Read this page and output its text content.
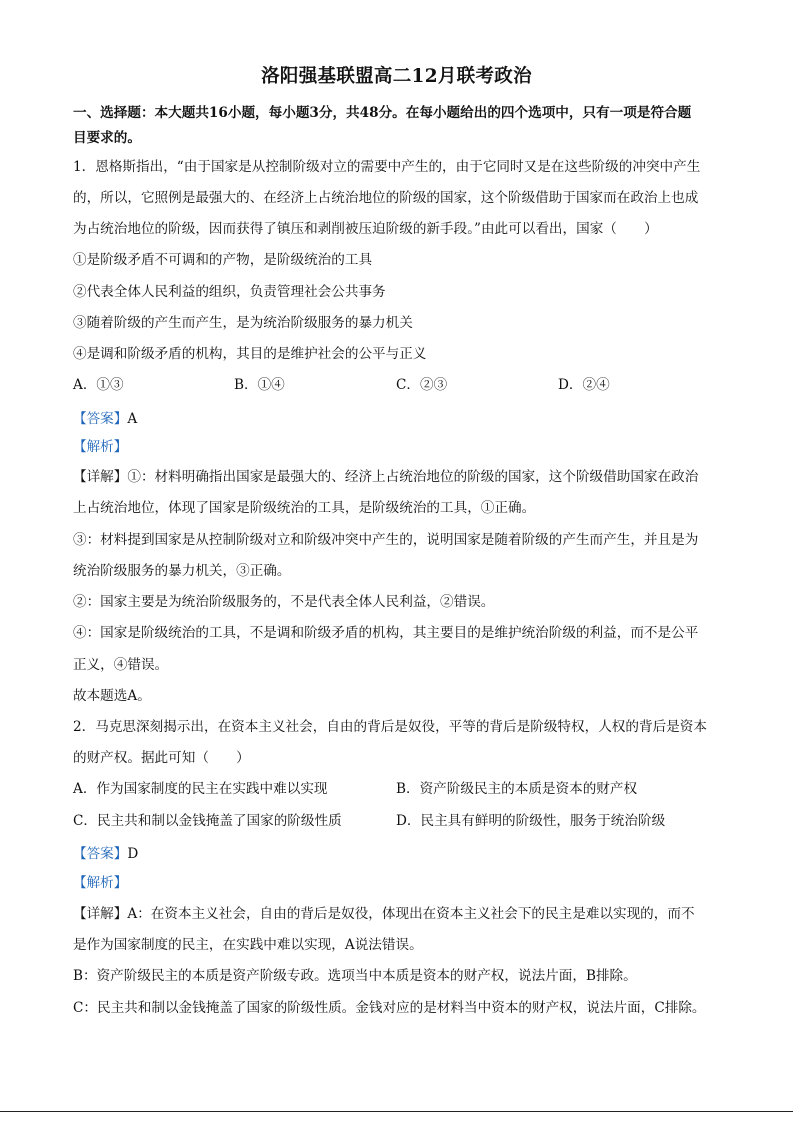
洛阳强基联盟高二12月联考政治
一、选择题：本大题共16小题，每小题3分，共48分。在每小题给出的四个选项中，只有一项是符合题
目要求的。
1．恩格斯指出，“由于国家是从控制阶级对立的需要中产生的，由于它同时又是在这些阶级的冲突中产生
的，所以，它照例是最强大的、在经济上占统治地位的阶级的国家，这个阶级借助于国家而在政治上也成
为占统治地位的阶级，因而获得了镇压和剥削被压迫阶级的新手段。”由此可以看出，国家（　　）
①是阶级矛盾不可调和的产物，是阶级统治的工具
②代表全体人民利益的组织，负责管理社会公共事务
③随着阶级的产生而产生，是为统治阶级服务的暴力机关
④是调和阶级矛盾的机构，其目的是维护社会的公平与正义
A．①③	B．①④	C．②③	D．②④
【答案】A
【解析】
【详解】①：材料明确指出国家是最强大的、经济上占统治地位的阶级的国家，这个阶级借助国家在政治
上占统治地位，体现了国家是阶级统治的工具，是阶级统治的工具，①正确。
③：材料提到国家是从控制阶级对立和阶级冲突中产生的，说明国家是随着阶级的产生而产生，并且是为
统治阶级服务的暴力机关，③正确。
②：国家主要是为统治阶级服务的，不是代表全体人民利益，②错误。
④：国家是阶级统治的工具，不是调和阶级矛盾的机构，其主要目的是维护统治阶级的利益，而不是公平
正义，④错误。
故本题选A。
2．马克思深刻揭示出，在资本主义社会，自由的背后是奴役，平等的背后是阶级特权，人权的背后是资本
的财产权。据此可知（　　）
A．作为国家制度的民主在实践中难以实现	B．资产阶级民主的本质是资本的财产权
C．民主共和制以金钱掩盖了国家的阶级性质	D．民主具有鲜明的阶级性，服务于统治阶级
【答案】D
【解析】
【详解】A：在资本主义社会，自由的背后是奴役，体现出在资本主义社会下的民主是难以实现的，而不
是作为国家制度的民主，在实践中难以实现，A说法错误。
B：资产阶级民主的本质是资产阶级专政。选项当中本质是资本的财产权，说法片面，B排除。
C：民主共和制以金钱掩盖了国家的阶级性质。金钱对应的是材料当中资本的财产权，说法片面，C排除。
